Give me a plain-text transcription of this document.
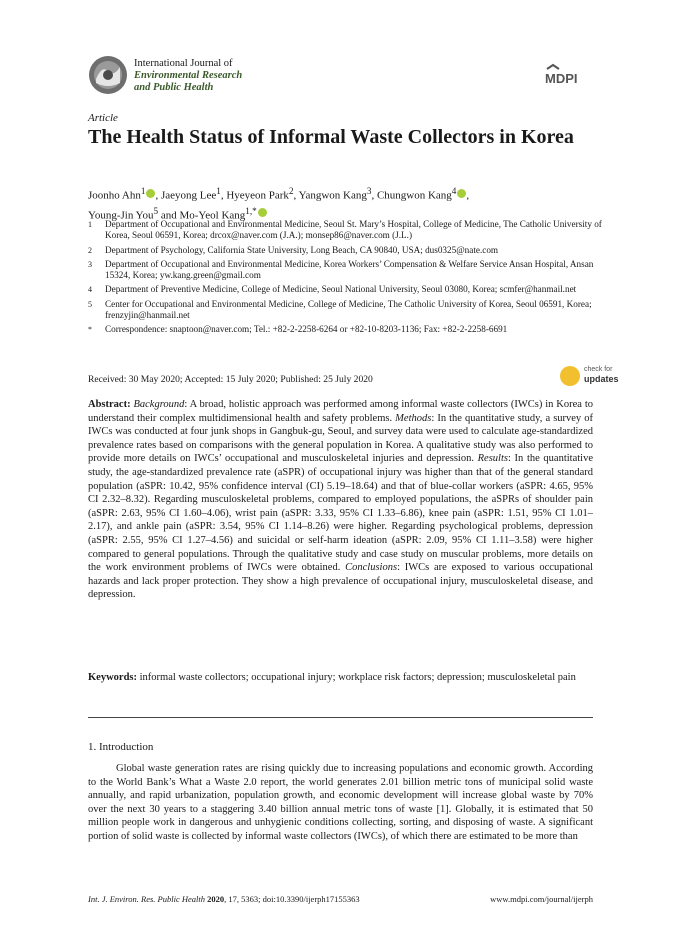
International Journal of
Environmental Research
and Public Health
MDPI
Article
The Health Status of Informal Waste Collectors in Korea
Joonho Ahn$^1$ , Jaeyong Lee$^1$, Hyeyeon Park$^2$, Yangwon Kang$^3$, Chungwon Kang$^4$ ,
Young-Jin You$^5$ and Mo-Yeol Kang$^{1,*}$
1 Department of Occupational and Environmental Medicine, Seoul St. Mary’s Hospital, College of Medicine, The Catholic University of Korea, Seoul 06591, Korea; drcox@naver.com (J.A.); monsep86@naver.com (J.L.)
2 Department of Psychology, California State University, Long Beach, CA 90840, USA; dus0325@nate.com
3 Department of Occupational and Environmental Medicine, Korea Workers’ Compensation & Welfare Service Ansan Hospital, Ansan 15324, Korea; yw.kang.green@gmail.com
4 Department of Preventive Medicine, College of Medicine, Seoul National University, Seoul 03080, Korea; scmfer@hanmail.net
5 Center for Occupational and Environmental Medicine, College of Medicine, The Catholic University of Korea, Seoul 06591, Korea; frenzyjin@hanmail.net
* Correspondence: snaptoon@naver.com; Tel.: +82-2-2258-6264 or +82-10-8203-1136; Fax: +82-2-2258-6691
Received: 30 May 2020; Accepted: 15 July 2020; Published: 25 July 2020
check for
updates

Abstract: Background: A broad, holistic approach was performed among informal waste collectors (IWCs) in Korea to understand their complex multidimensional health and safety problems. Methods: In the quantitative study, a survey of IWCs was conducted at four junk shops in Gangbuk-gu, Seoul, and survey data were used to calculate age-standardized prevalence rates based on comparisons with the general population in Korea. A qualitative study was also performed to provide more details on IWCs’ occupational and musculoskeletal injuries and depression. Results: In the quantitative study, the age-standardized prevalence rate (aSPR) of occupational injury was higher than that of the general standard population (aSPR: 10.42, 95% confidence interval (CI) 5.19–18.64) and that of blue-collar workers (aSPR: 4.65, 95% CI 2.32–8.32). Regarding musculoskeletal problems, compared to employed populations, the aSPRs of shoulder pain (aSPR: 2.63, 95% CI 1.60–4.06), wrist pain (aSPR: 3.33, 95% CI 1.33–6.86), knee pain (aSPR: 1.51, 95% CI 1.01–2.17), and ankle pain (aSPR: 3.54, 95% CI 1.14–8.26) were higher. Regarding psychological problems, depression (aSPR: 2.55, 95% CI 1.27–4.56) and suicidal or self-harm ideation (aSPR: 2.09, 95% CI 1.11–3.58) were higher compared to general populations. Through the qualitative study and case study on muscular problems, more details on the work environment problems of IWCs were obtained. Conclusions: IWCs are exposed to various occupational hazards and lack proper protection. They show a high prevalence of occupational injury, musculoskeletal disease, and depression.

Keywords: informal waste collectors; occupational injury; workplace risk factors; depression; musculoskeletal pain

1. Introduction

Global waste generation rates are rising quickly due to increasing populations and economic growth. According to the World Bank’s What a Waste 2.0 report, the world generates 2.01 billion metric tons of municipal solid waste annually, and rapid urbanization, population growth, and economic development will increase global waste by 70% over the next 30 years to a staggering 3.40 billion annual metric tons of waste [1]. Globally, it is estimated that 50 million people work in dangerous and unhygienic conditions collecting, sorting, and disposing of waste. A significant portion of solid waste is collected by informal waste collectors (IWCs), of which there are estimated to be more than

Int. J. Environ. Res. Public Health 2020, 17, 5363; doi:10.3390/ijerph17155363	www.mdpi.com/journal/ijerph
